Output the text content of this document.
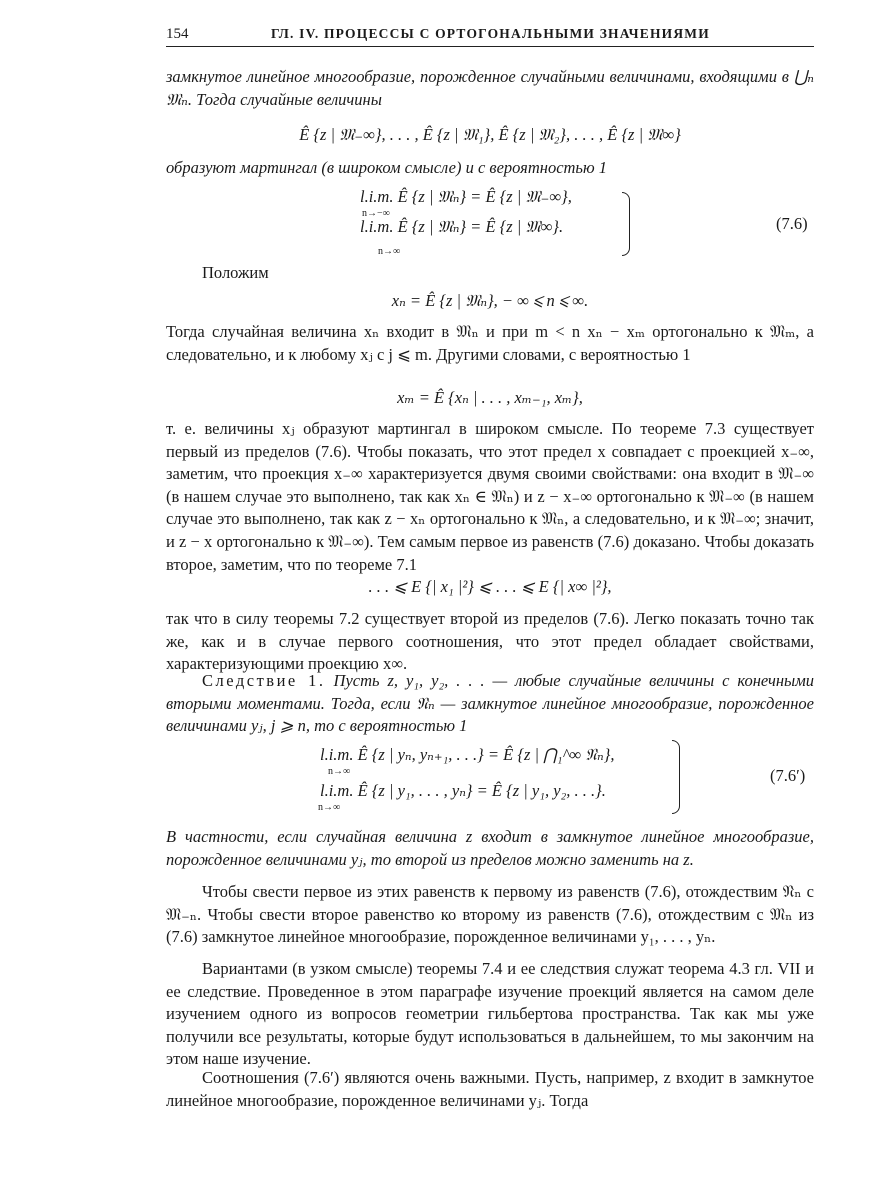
154	ГЛ. IV. ПРОЦЕССЫ С ОРТОГОНАЛЬНЫМИ ЗНАЧЕНИЯМИ
замкнутое линейное многообразие, порожденное случайными величинами, входящими в ⋃ₙ 𝔐ₙ. Тогда случайные величины
Ê {z | 𝔐₋∞}, . . . , Ê {z | 𝔐₁}, Ê {z | 𝔐₂}, . . . , Ê {z | 𝔐∞}
образуют мартингал (в широком смысле) и с вероятностью 1
l.i.m. Ê {z | 𝔐ₙ} = Ê {z | 𝔐₋∞},
l.i.m. Ê {z | 𝔐ₙ} = Ê {z | 𝔐∞}.
n→−∞
n→∞
(7.6)
Положим
xₙ = Ê {z | 𝔐ₙ}, − ∞ ⩽ n ⩽ ∞.
Тогда случайная величина xₙ входит в 𝔐ₙ и при m < n xₙ − xₘ ортогонально к 𝔐ₘ, а следовательно, и к любому xⱼ с j ⩽ m. Другими словами, с вероятностью 1
xₘ = Ê {xₙ | . . . , xₘ₋₁, xₘ},
т. е. величины xⱼ образуют мартингал в широком смысле. По теореме 7.3 существует первый из пределов (7.6). Чтобы показать, что этот предел x совпадает с проекцией x₋∞, заметим, что проекция x₋∞ характеризуется двумя своими свойствами: она входит в 𝔐₋∞ (в нашем случае это выполнено, так как xₙ ∈ 𝔐ₙ) и z − x₋∞ ортогонально к 𝔐₋∞ (в нашем случае это выполнено, так как z − xₙ ортогонально к 𝔐ₙ, а следовательно, и к 𝔐₋∞; значит, и z − x ортогонально к 𝔐₋∞). Тем самым первое из равенств (7.6) доказано. Чтобы доказать второе, заметим, что по теореме 7.1
. . . ⩽ E {| x₁ |²} ⩽ . . . ⩽ E {| x∞ |²},
так что в силу теоремы 7.2 существует второй из пределов (7.6). Легко показать точно так же, как и в случае первого соотношения, что этот предел обладает свойствами, характеризующими проекцию x∞.
Следствие 1. Пусть z, y₁, y₂, . . . — любые случайные величины с конечными вторыми моментами. Тогда, если 𝔑ₙ — замкнутое линейное многообразие, порожденное величинами yⱼ, j ⩾ n, то с вероятностью 1
l.i.m. Ê {z | yₙ, yₙ₊₁, . . .} = Ê {z | ⋂₁^∞ 𝔑ₙ},
l.i.m. Ê {z | y₁, . . . , yₙ} = Ê {z | y₁, y₂, . . .}.
n→∞
n→∞
(7.6′)
В частности, если случайная величина z входит в замкнутое линейное многообразие, порожденное величинами yⱼ, то второй из пределов можно заменить на z.
Чтобы свести первое из этих равенств к первому из равенств (7.6), отождествим 𝔑ₙ с 𝔐₋ₙ. Чтобы свести второе равенство ко второму из равенств (7.6), отождествим с 𝔐ₙ из (7.6) замкнутое линейное многообразие, порожденное величинами y₁, . . . , yₙ.
Вариантами (в узком смысле) теоремы 7.4 и ее следствия служат теорема 4.3 гл. VII и ее следствие. Проведенное в этом параграфе изучение проекций является на самом деле изучением одного из вопросов геометрии гильбертова пространства. Так как мы уже получили все результаты, которые будут использоваться в дальнейшем, то мы закончим на этом наше изучение.
Соотношения (7.6′) являются очень важными. Пусть, например, z входит в замкнутое линейное многообразие, порожденное величинами yⱼ. Тогда
